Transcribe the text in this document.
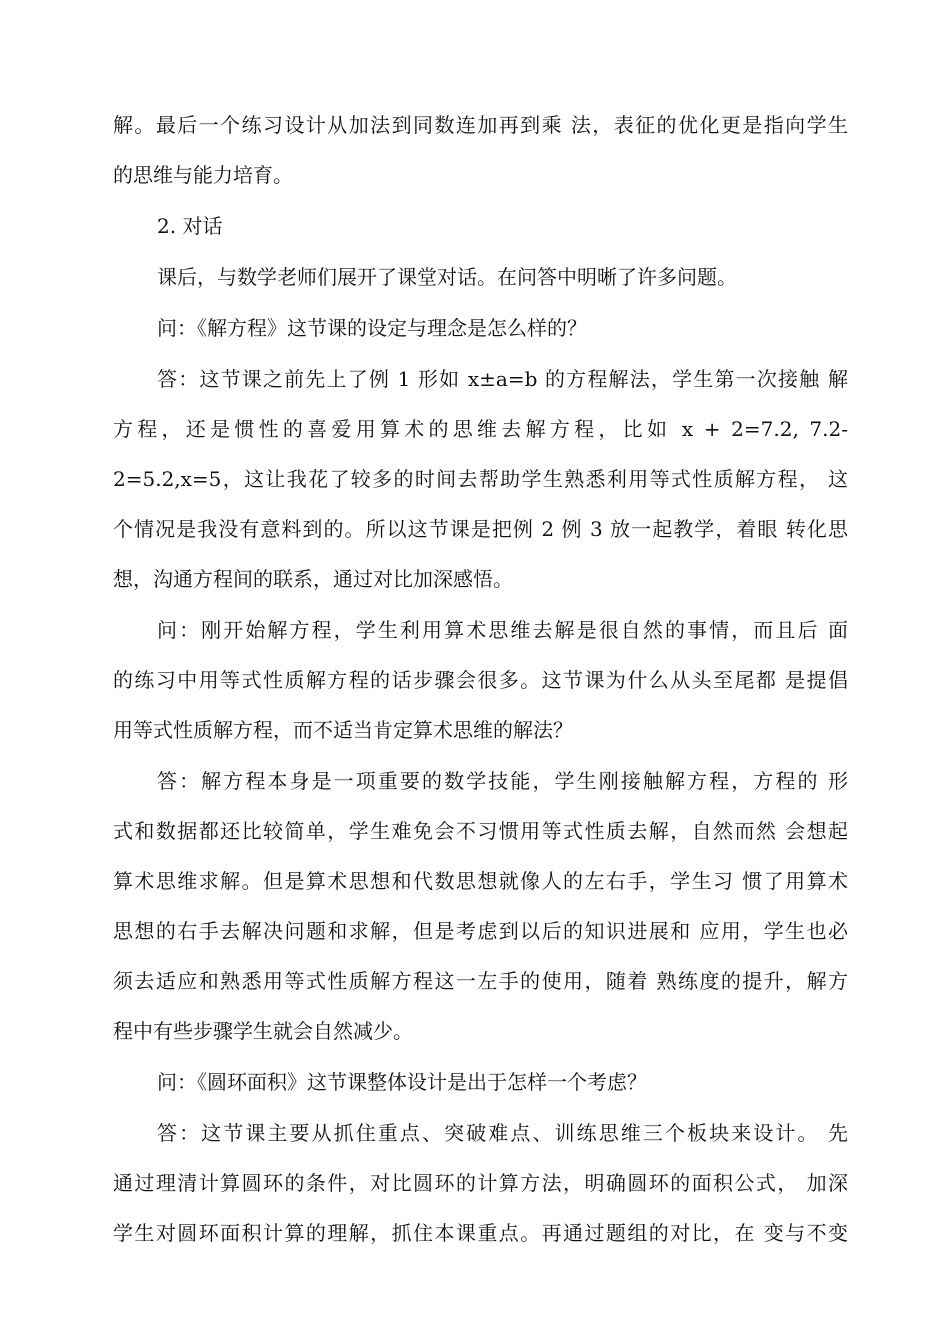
解。最后一个练习设计从加法到同数连加再到乘 法，表征的优化更是指向学生
的思维与能力培育。
2. 对话
课后，与数学老师们展开了课堂对话。在问答中明晰了许多问题。
问：《解方程》这节课的设定与理念是怎么样的？
答：这节课之前先上了例 1 形如 x±a=b 的方程解法，学生第一次接触 解
方程，还是惯性的喜爱用算术的思维去解方程，比如 x + 2=7.2, 7.2-
2=5.2,x=5，这让我花了较多的时间去帮助学生熟悉利用等式性质解方程， 这
个情况是我没有意料到的。所以这节课是把例 2 例 3 放一起教学，着眼 转化思
想，沟通方程间的联系，通过对比加深感悟。
问：刚开始解方程，学生利用算术思维去解是很自然的事情，而且后 面
的练习中用等式性质解方程的话步骤会很多。这节课为什么从头至尾都 是提倡
用等式性质解方程，而不适当肯定算术思维的解法？
答：解方程本身是一项重要的数学技能，学生刚接触解方程，方程的 形
式和数据都还比较简单，学生难免会不习惯用等式性质去解，自然而然 会想起
算术思维求解。但是算术思想和代数思想就像人的左右手，学生习 惯了用算术
思想的右手去解决问题和求解，但是考虑到以后的知识进展和 应用，学生也必
须去适应和熟悉用等式性质解方程这一左手的使用，随着 熟练度的提升，解方
程中有些步骤学生就会自然减少。
问：《圆环面积》这节课整体设计是出于怎样一个考虑？
答：这节课主要从抓住重点、突破难点、训练思维三个板块来设计。 先
通过理清计算圆环的条件，对比圆环的计算方法，明确圆环的面积公式， 加深
学生对圆环面积计算的理解，抓住本课重点。再通过题组的对比，在 变与不变
